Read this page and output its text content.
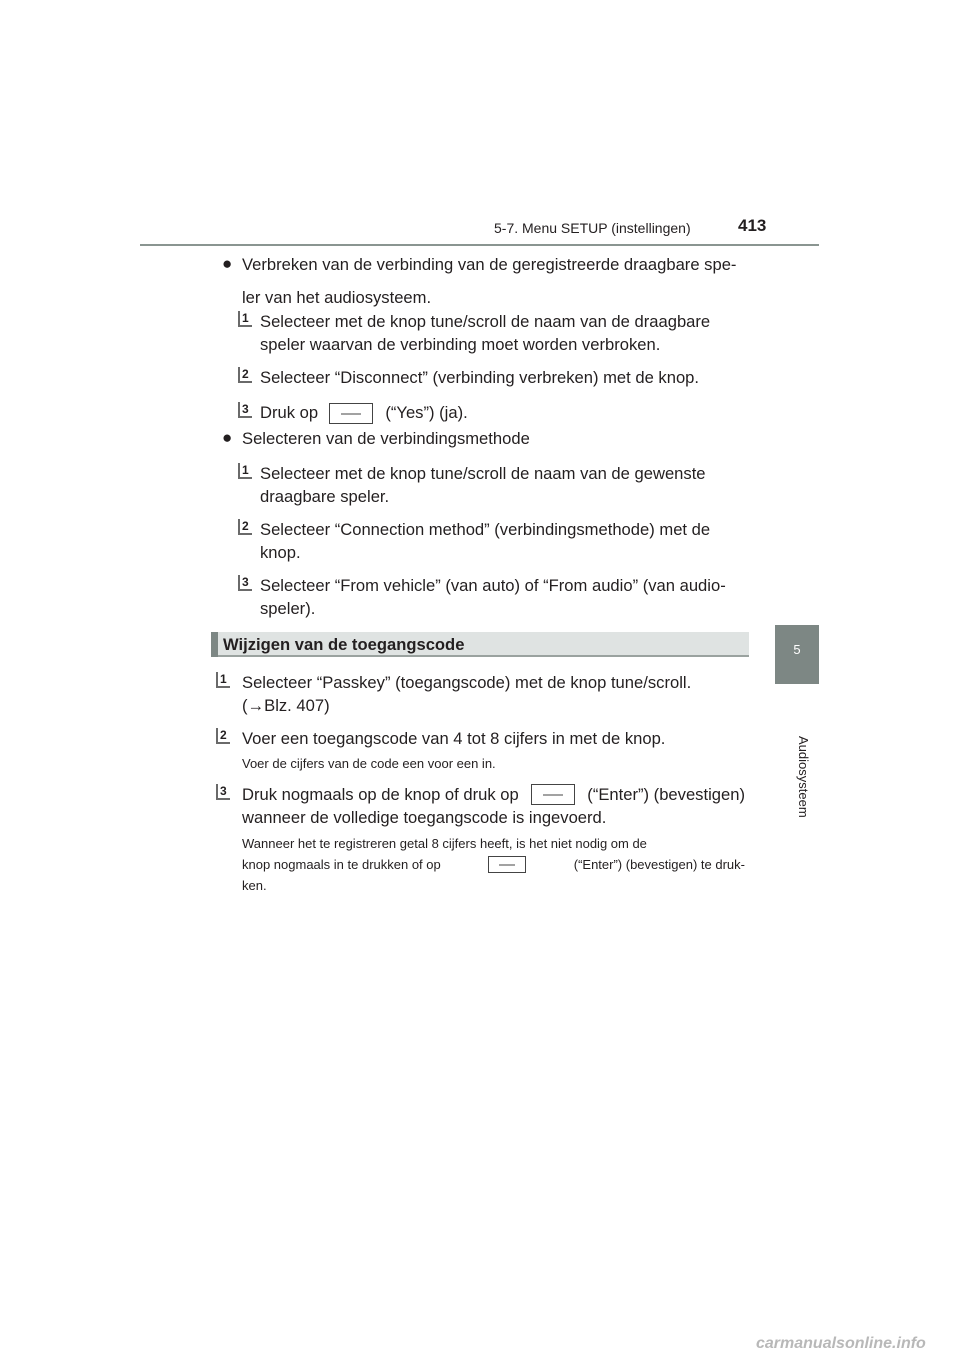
5-7. Menu SETUP (instellingen)	413
5
Audiosysteem
● Verbreken van de verbinding van de geregistreerde draagbare spe-
ler van het audiosysteem.
1 Selecteer met de knop tune/scroll de naam van de draagbare
speler waarvan de verbinding moet worden verbroken.
2 Selecteer “Disconnect” (verbinding verbreken) met de knop.
3 Druk op	(“Yes”) (ja).
● Selecteren van de verbindingsmethode
1 Selecteer met de knop tune/scroll de naam van de gewenste
draagbare speler.
2 Selecteer “Connection method” (verbindingsmethode) met de
knop.
3 Selecteer “From vehicle” (van auto) of “From audio” (van audio-
speler).
Wijzigen van de toegangscode
1 Selecteer “Passkey” (toegangscode) met de knop tune/scroll.
(→Blz. 407)
2 Voer een toegangscode van 4 tot 8 cijfers in met de knop.
Voer de cijfers van de code een voor een in.
3 Druk nogmaals op de knop of druk op	(“Enter”) (bevestigen)
wanneer de volledige toegangscode is ingevoerd.
Wanneer het te registreren getal 8 cijfers heeft, is het niet nodig om de
knop nogmaals in te drukken of op	(“Enter”) (bevestigen) te druk-
ken.
carmanualsonline.info
